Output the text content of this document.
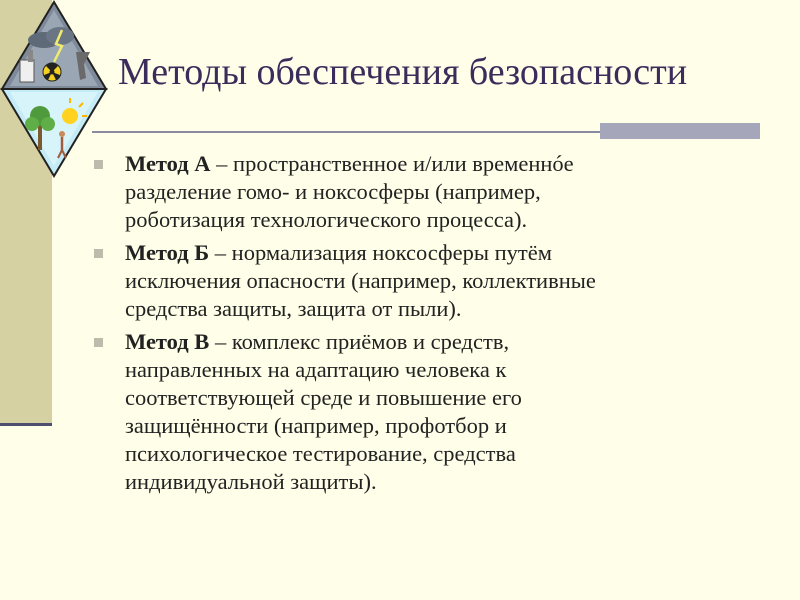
Методы обеспечения безопасности
Метод А – пространственное и/или временнóе
разделение гомо- и ноксосферы (например,
роботизация технологического процесса).
Метод Б – нормализация ноксосферы путём
исключения опасности (например, коллективные
средства защиты, защита от пыли).
Метод В – комплекс приёмов и средств,
направленных на адаптацию человека к
соответствующей среде и повышение его
защищённости (например, профотбор и
психологическое тестирование, средства
индивидуальной защиты).
